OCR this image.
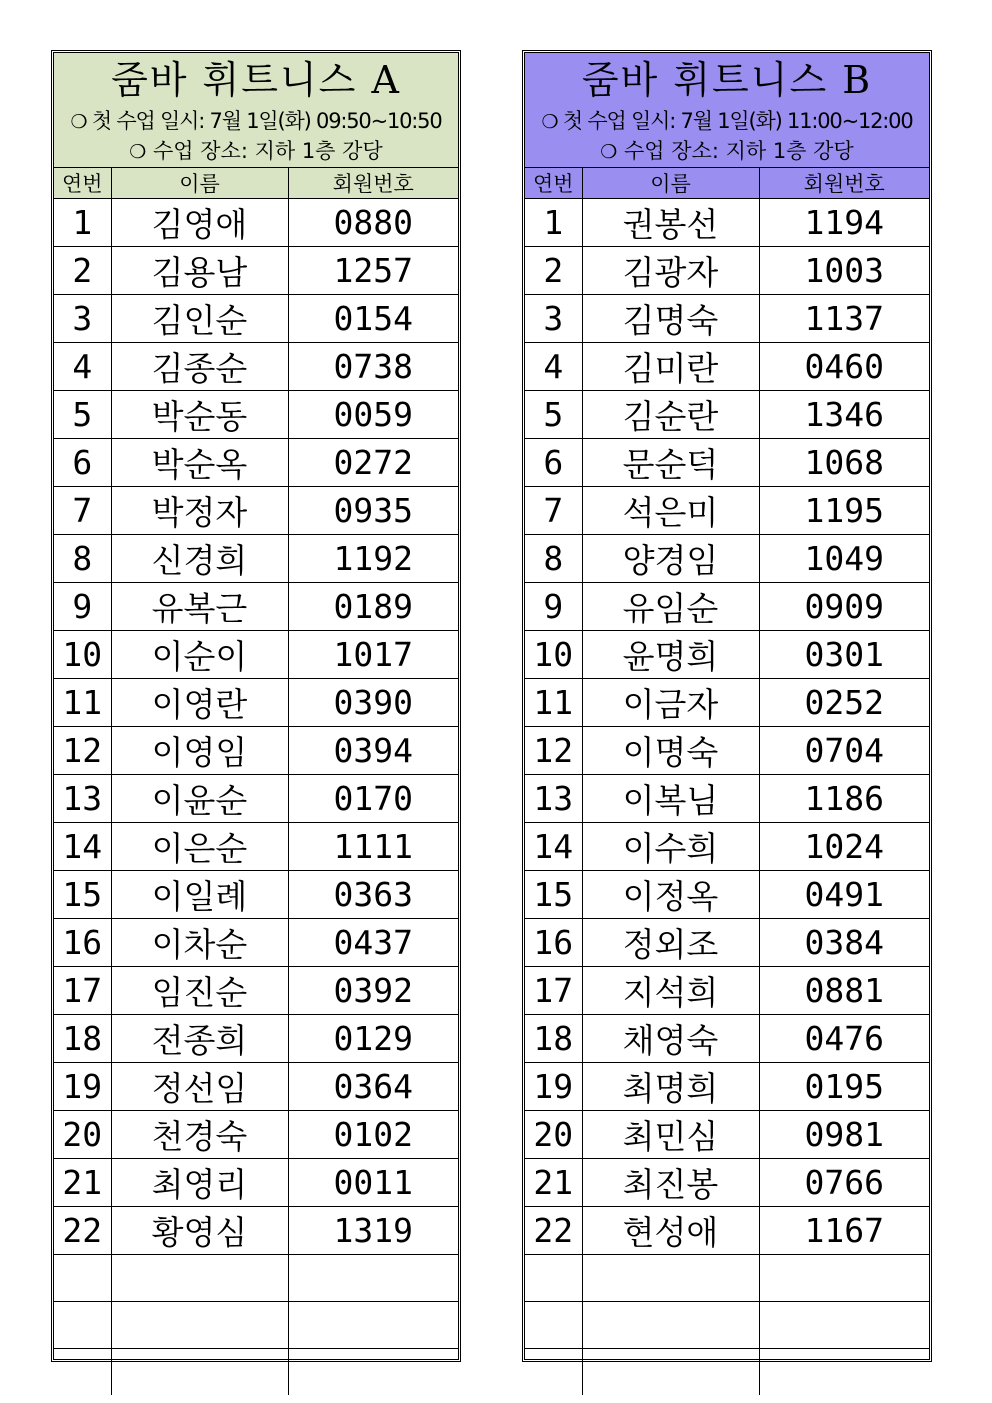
줌바 휘트니스 A
❍ 첫 수업 일시: 7월 1일(화) 09:50~10:50
❍ 수업 장소: 지하 1층 강당
연번	이름	회원번호
1	김영애	0880
2	김용남	1257
3	김인순	0154
4	김종순	0738
5	박순동	0059
6	박순옥	0272
7	박정자	0935
8	신경희	1192
9	유복근	0189
10	이순이	1017
11	이영란	0390
12	이영임	0394
13	이윤순	0170
14	이은순	1111
15	이일례	0363
16	이차순	0437
17	임진순	0392
18	전종희	0129
19	정선임	0364
20	천경숙	0102
21	최영리	0011
22	황영심	1319

줌바 휘트니스 B
❍ 첫 수업 일시: 7월 1일(화) 11:00~12:00
❍ 수업 장소: 지하 1층 강당
연번	이름	회원번호
1	권봉선	1194
2	김광자	1003
3	김명숙	1137
4	김미란	0460
5	김순란	1346
6	문순덕	1068
7	석은미	1195
8	양경임	1049
9	유임순	0909
10	윤명희	0301
11	이금자	0252
12	이명숙	0704
13	이복님	1186
14	이수희	1024
15	이정옥	0491
16	정외조	0384
17	지석희	0881
18	채영숙	0476
19	최명희	0195
20	최민심	0981
21	최진봉	0766
22	현성애	1167
